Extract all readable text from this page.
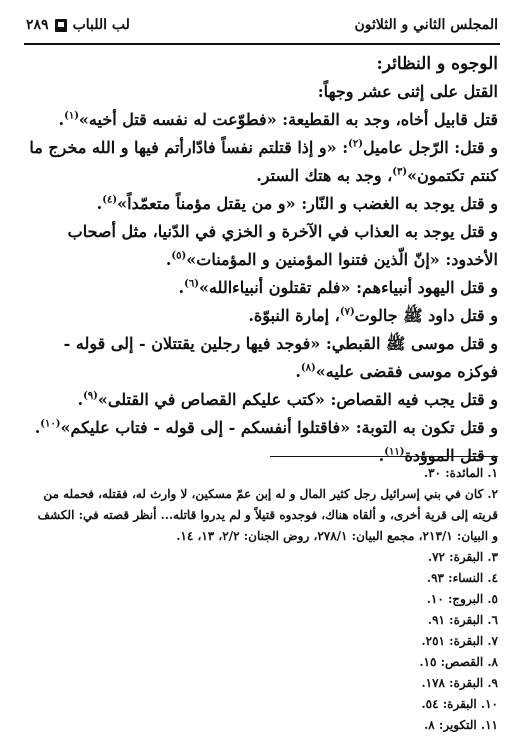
المجلس الثاني و الثلاثون
لب اللباب
٢٨٩

الوجوه و النظائر:

القتل على إثنى عشر وجهاً:

قتل قابيل أخاه، وجد به القطيعة: «فطوّعت له نفسه قتل أخيه»$^{(١)}$.

و قتل: الرّجل عاميل$^{(٢)}$: «و إذا قتلتم نفساً فادّارأتم فيها و الله مخرج ما كنتم تكتمون»$^{(٣)}$، وجد به هتك الستر.

و قتل يوجد به الغضب و النّار: «و من يقتل مؤمناً متعمّداً»$^{(٤)}$.

و قتل يوجد به العذاب في الآخرة و الخزي في الدّنيا، مثل أصحاب الأخدود: «إنّ الّذين فتنوا المؤمنين و المؤمنات»$^{(٥)}$.

و قتل اليهود أنبياءهم: «فلم تقتلون أنبياءالله»$^{(٦)}$.

و قتل داود ﷺ جالوت$^{(٧)}$، إمارة النبوّة.

و قتل موسى ﷺ القبطي: «فوجد فيها رجلين يقتتلان - إلى قوله - فوكزه موسى فقضى عليه»$^{(٨)}$.

و قتل يجب فيه القصاص: «كتب عليكم القصاص في القتلى»$^{(٩)}$.

و قتل تكون به التوبة: «فاقتلوا أنفسكم - إلى قوله - فتاب عليكم»$^{(١٠)}$.

و قتل الموؤدة$^{(١١)}$.

١. المائدة: ٣٠.

٢. كان في بني إسرائيل رجل كثير المال و له إبن عمّ مسكين، لا وارث له، فقتله، فحمله من قريته إلى قرية أخرى، و ألقاه هناك، فوجدوه قتيلاً و لم يدروا قاتله... أنظر قصته في: الكشف و البيان: ٢١٣/١، مجمع البيان: ٢٧٨/١، روض الجنان: ٢/٢، ١٣، ١٤.

٣. البقرة: ٧٢.

٤. النساء: ٩٣.

٥. البروج: ١٠.

٦. البقرة: ٩١.

٧. البقرة: ٢٥١.

٨. القصص: ١٥.

٩. البقرة: ١٧٨.

١٠. البقرة: ٥٤.

١١. التكوير: ٨.
